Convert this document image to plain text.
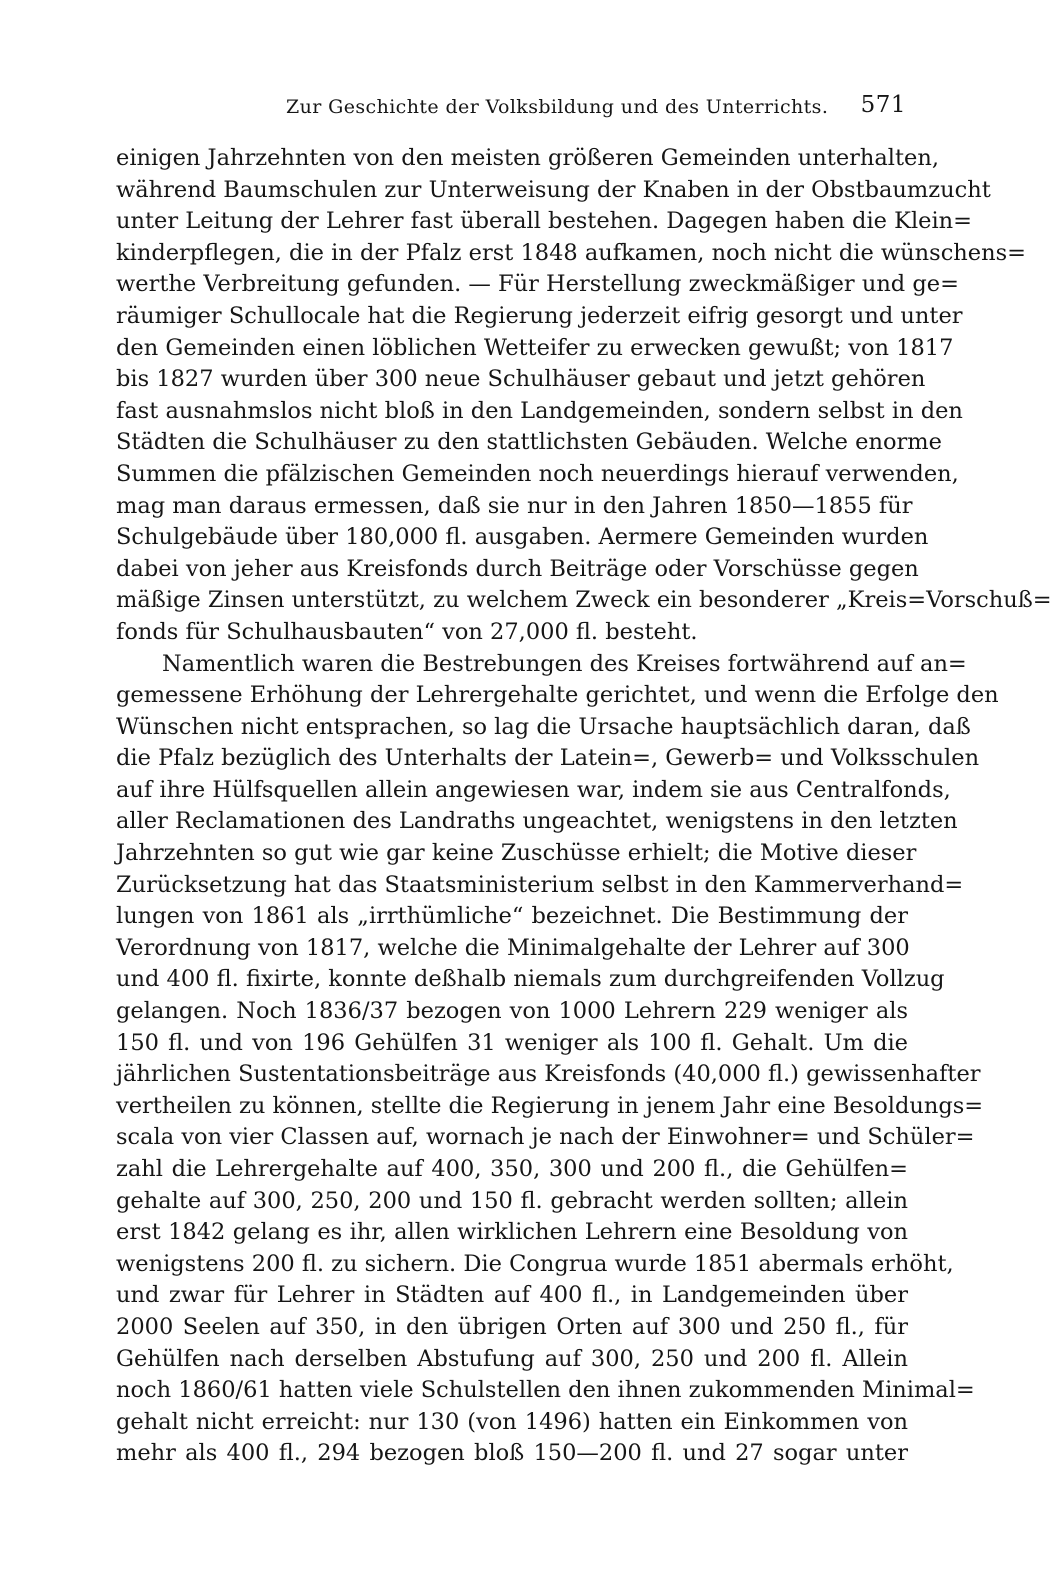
Zur Geschichte der Volksbildung und des Unterrichts. 571
einigen Jahrzehnten von den meisten größeren Gemeinden unterhalten,
während Baumschulen zur Unterweisung der Knaben in der Obstbaumzucht
unter Leitung der Lehrer fast überall bestehen. Dagegen haben die Klein=
kinderpflegen, die in der Pfalz erst 1848 aufkamen, noch nicht die wünschens=
werthe Verbreitung gefunden. — Für Herstellung zweckmäßiger und ge=
räumiger Schullocale hat die Regierung jederzeit eifrig gesorgt und unter
den Gemeinden einen löblichen Wetteifer zu erwecken gewußt; von 1817
bis 1827 wurden über 300 neue Schulhäuser gebaut und jetzt gehören
fast ausnahmslos nicht bloß in den Landgemeinden, sondern selbst in den
Städten die Schulhäuser zu den stattlichsten Gebäuden. Welche enorme
Summen die pfälzischen Gemeinden noch neuerdings hierauf verwenden,
mag man daraus ermessen, daß sie nur in den Jahren 1850—1855 für
Schulgebäude über 180,000 fl. ausgaben. Aermere Gemeinden wurden
dabei von jeher aus Kreisfonds durch Beiträge oder Vorschüsse gegen
mäßige Zinsen unterstützt, zu welchem Zweck ein besonderer „Kreis=Vorschuß=
fonds für Schulhausbauten“ von 27,000 fl. besteht.
Namentlich waren die Bestrebungen des Kreises fortwährend auf an=
gemessene Erhöhung der Lehrergehalte gerichtet, und wenn die Erfolge den
Wünschen nicht entsprachen, so lag die Ursache hauptsächlich daran, daß
die Pfalz bezüglich des Unterhalts der Latein=, Gewerb= und Volksschulen
auf ihre Hülfsquellen allein angewiesen war, indem sie aus Centralfonds,
aller Reclamationen des Landraths ungeachtet, wenigstens in den letzten
Jahrzehnten so gut wie gar keine Zuschüsse erhielt; die Motive dieser
Zurücksetzung hat das Staatsministerium selbst in den Kammerverhand=
lungen von 1861 als „irrthümliche“ bezeichnet. Die Bestimmung der
Verordnung von 1817, welche die Minimalgehalte der Lehrer auf 300
und 400 fl. fixirte, konnte deßhalb niemals zum durchgreifenden Vollzug
gelangen. Noch 1836/37 bezogen von 1000 Lehrern 229 weniger als
150 fl. und von 196 Gehülfen 31 weniger als 100 fl. Gehalt. Um die
jährlichen Sustentationsbeiträge aus Kreisfonds (40,000 fl.) gewissenhafter
vertheilen zu können, stellte die Regierung in jenem Jahr eine Besoldungs=
scala von vier Classen auf, wornach je nach der Einwohner= und Schüler=
zahl die Lehrergehalte auf 400, 350, 300 und 200 fl., die Gehülfen=
gehalte auf 300, 250, 200 und 150 fl. gebracht werden sollten; allein
erst 1842 gelang es ihr, allen wirklichen Lehrern eine Besoldung von
wenigstens 200 fl. zu sichern. Die Congrua wurde 1851 abermals erhöht,
und zwar für Lehrer in Städten auf 400 fl., in Landgemeinden über
2000 Seelen auf 350, in den übrigen Orten auf 300 und 250 fl., für
Gehülfen nach derselben Abstufung auf 300, 250 und 200 fl. Allein
noch 1860/61 hatten viele Schulstellen den ihnen zukommenden Minimal=
gehalt nicht erreicht: nur 130 (von 1496) hatten ein Einkommen von
mehr als 400 fl., 294 bezogen bloß 150—200 fl. und 27 sogar unter
